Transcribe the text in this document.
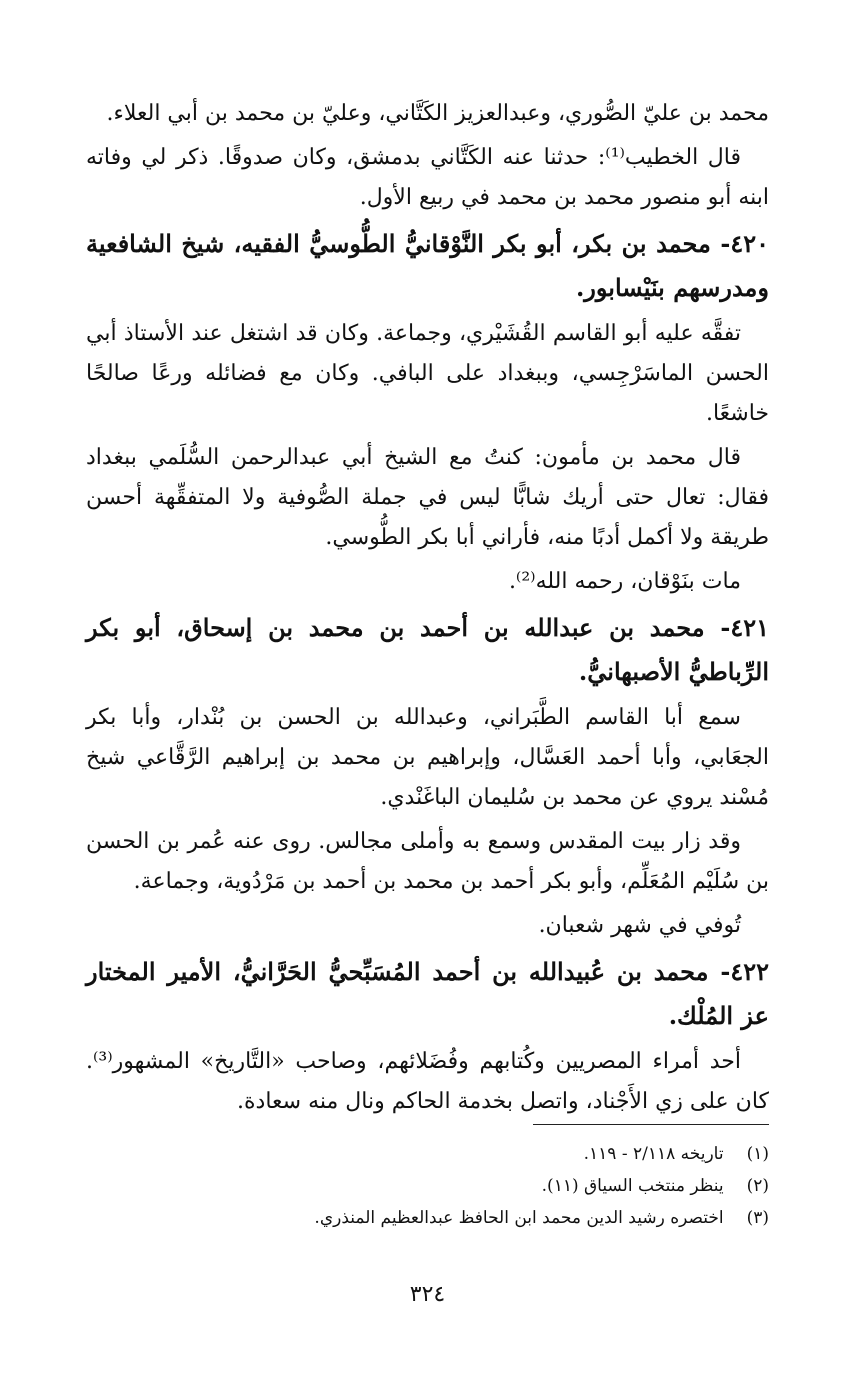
محمد بن عليّ الصُّوري، وعبدالعزيز الكَتَّاني، وعليّ بن محمد بن أبي العلاء.

قال الخطيب⁽¹⁾: حدثنا عنه الكَتَّاني بدمشق، وكان صدوقًا. ذكر لي وفاته ابنه أبو منصور محمد بن محمد في ربيع الأول.

٤٢٠- محمد بن بكر، أبو بكر النَّوْقانيُّ الطُّوسيُّ الفقيه، شيخ الشافعية ومدرسهم بنَيْسابور.

تفقَّه عليه أبو القاسم القُشَيْري، وجماعة. وكان قد اشتغل عند الأستاذ أبي الحسن الماسَرْجِسي، وببغداد على البافي. وكان مع فضائله ورعًا صالحًا خاشعًا.

قال محمد بن مأمون: كنتُ مع الشيخ أبي عبدالرحمن السُّلَمي ببغداد فقال: تعال حتى أريك شابًّا ليس في جملة الصُّوفية ولا المتفقِّهة أحسن طريقة ولا أكمل أدبًا منه، فأراني أبا بكر الطُّوسي.

مات بنَوْقان، رحمه الله⁽²⁾.

٤٢١- محمد بن عبدالله بن أحمد بن محمد بن إسحاق، أبو بكر الرِّباطيُّ الأصبهانيُّ.

سمع أبا القاسم الطَّبَراني، وعبدالله بن الحسن بن بُنْدار، وأبا بكر الجعَابي، وأبا أحمد العَسَّال، وإبراهيم بن محمد بن إبراهيم الرَّقَّاعي شيخ مُسْند يروي عن محمد بن سُليمان الباغَنْدي.

وقد زار بيت المقدس وسمع به وأملى مجالس. روى عنه عُمر بن الحسن بن سُلَيْم المُعَلِّم، وأبو بكر أحمد بن محمد بن أحمد بن مَرْدُوية، وجماعة.

تُوفي في شهر شعبان.

٤٢٢- محمد بن عُبيدالله بن أحمد المُسَبِّحيُّ الحَرَّانيُّ، الأمير المختار عز المُلْك.

أحد أمراء المصريين وكُتابهم وفُضَلائهم، وصاحب «التَّاريخ» المشهور⁽³⁾. كان على زي الأَجْناد، واتصل بخدمة الحاكم ونال منه سعادة.

(١) تاريخه ٢/١١٨ - ١١٩.

(٢) ينظر منتخب السياق (١١).

(٣) اختصره رشيد الدين محمد ابن الحافظ عبدالعظيم المنذري.

٣٢٤
